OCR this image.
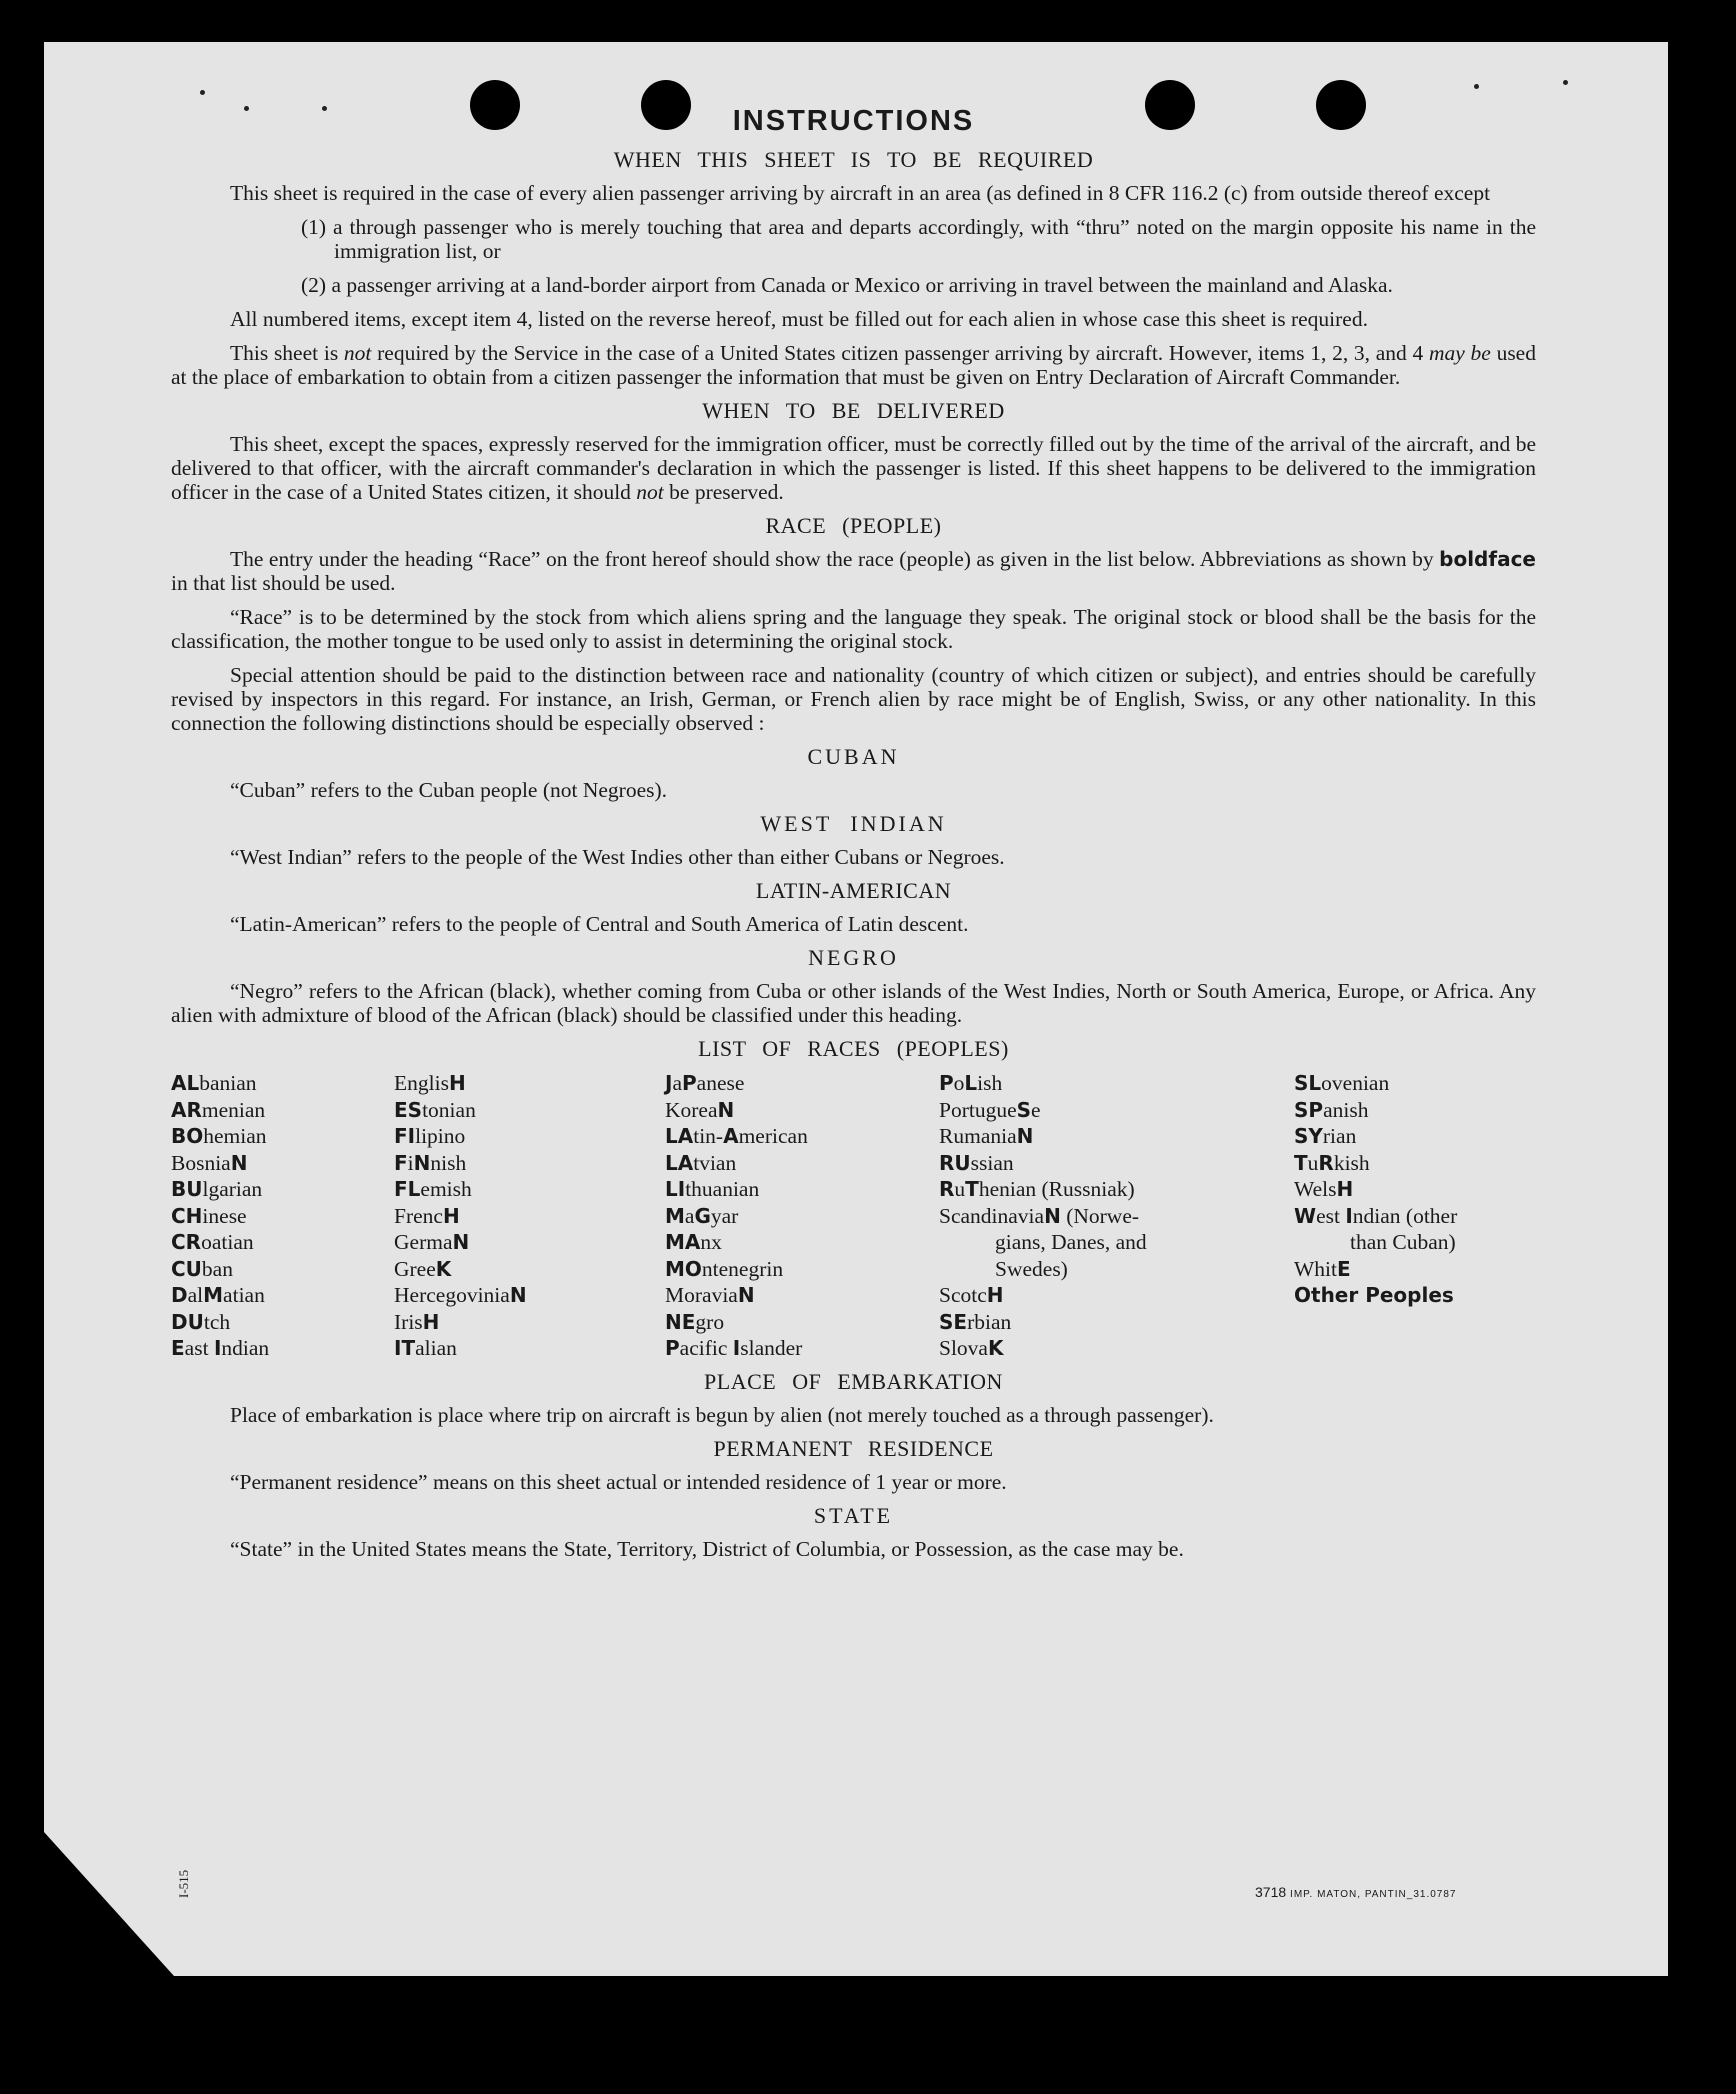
INSTRUCTIONS
WHEN THIS SHEET IS TO BE REQUIRED

This sheet is required in the case of every alien passenger arriving by aircraft in an area (as defined in 8 CFR 116.2 (c) from outside thereof except

(1) a through passenger who is merely touching that area and departs accordingly, with “thru” noted on the margin opposite his name in the immigration list, or
(2) a passenger arriving at a land-border airport from Canada or Mexico or arriving in travel between the mainland and Alaska.

All numbered items, except item 4, listed on the reverse hereof, must be filled out for each alien in whose case this sheet is required.

This sheet is not required by the Service in the case of a United States citizen passenger arriving by aircraft. However, items 1, 2, 3, and 4 may be used at the place of embarkation to obtain from a citizen passenger the information that must be given on Entry Declaration of Aircraft Commander.

WHEN TO BE DELIVERED

This sheet, except the spaces, expressly reserved for the immigration officer, must be correctly filled out by the time of the arrival of the aircraft, and be delivered to that officer, with the aircraft commander's declaration in which the passenger is listed. If this sheet happens to be delivered to the immigration officer in the case of a United States citizen, it should not be preserved.

RACE (PEOPLE)

The entry under the heading “Race” on the front hereof should show the race (people) as given in the list below. Abbreviations as shown by boldface in that list should be used.

“Race” is to be determined by the stock from which aliens spring and the language they speak. The original stock or blood shall be the basis for the classification, the mother tongue to be used only to assist in determining the original stock.

Special attention should be paid to the distinction between race and nationality (country of which citizen or subject), and entries should be carefully revised by inspectors in this regard. For instance, an Irish, German, or French alien by race might be of English, Swiss, or any other nationality. In this connection the following distinctions should be especially observed :

CUBAN

“Cuban” refers to the Cuban people (not Negroes).

WEST INDIAN

“West Indian” refers to the people of the West Indies other than either Cubans or Negroes.

LATIN-AMERICAN

“Latin-American” refers to the people of Central and South America of Latin descent.

NEGRO

“Negro” refers to the African (black), whether coming from Cuba or other islands of the West Indies, North or South America, Europe, or Africa. Any alien with admixture of blood of the African (black) should be classified under this heading.

LIST OF RACES (PEOPLES)
ALbanian
ARmenian
BOhemian
BosniaN
BUlgarian
CHinese
CRoatian
CUban
DalMatian
DUtch
East Indian
EnglisH
EStonian
FIlipino
FiNnish
FLemish
FrencH
GermaN
GreeK
HercegoviniaN
IrisH
ITalian
JaPanese
KoreaN
LAtin-American
LAtvian
LIthuanian
MaGyar
MAnx
MOntenegrin
MoraviaN
NEgro
Pacific Islander
PoLish
PortugueSe
RumaniaN
RUssian
RuThenian (Russniak)
ScandinaviaN (Norwe-
gians, Danes, and
Swedes)
ScotcH
SErbian
SlovaK
SLovenian
SPanish
SYrian
TuRkish
WelsH
West Indian (other
than Cuban)
WhitE
Other Peoples
PLACE OF EMBARKATION

Place of embarkation is place where trip on aircraft is begun by alien (not merely touched as a through passenger).

PERMANENT RESIDENCE

“Permanent residence” means on this sheet actual or intended residence of 1 year or more.

STATE

“State” in the United States means the State, Territory, District of Columbia, or Possession, as the case may be.

3718 IMP. MATON, PANTIN_31.0787
I-515
